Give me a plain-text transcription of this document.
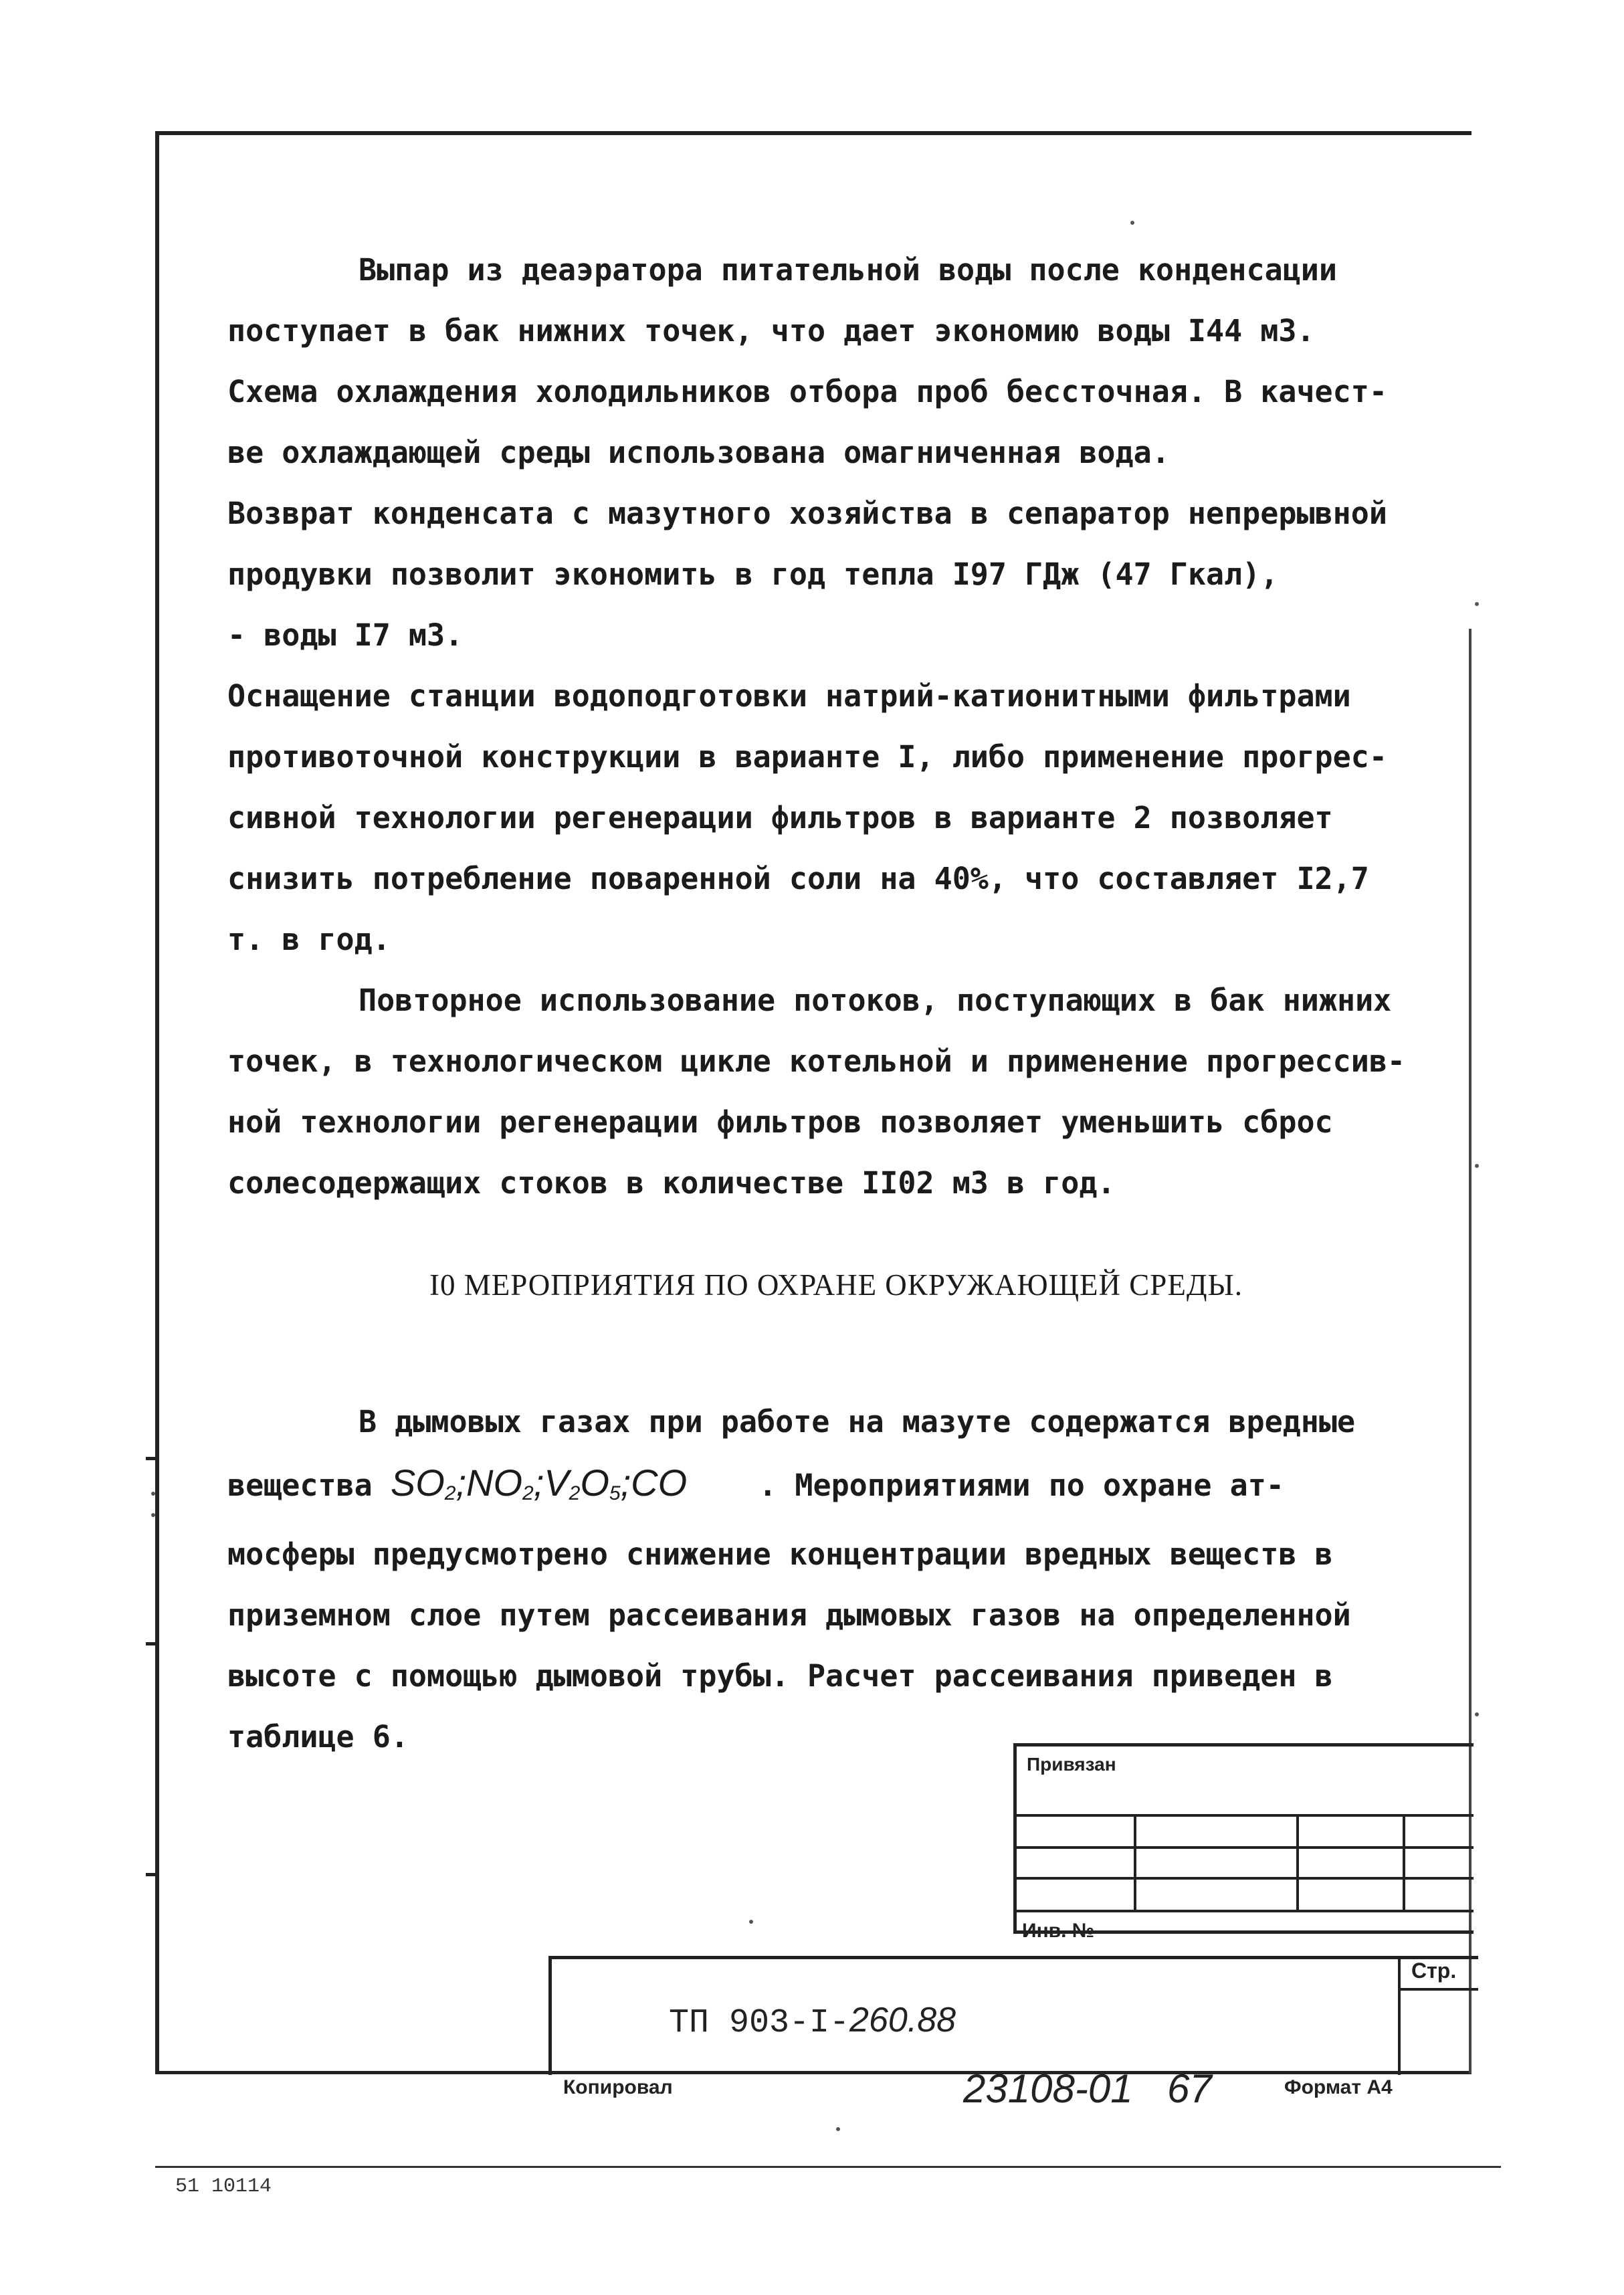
Выпар из деаэратора питательной воды после конденсации
поступает в бак нижних точек, что дает экономию воды I44 м3.
Схема охлаждения холодильников отбора проб бессточная. В качест-
ве охлаждающей среды использована омагниченная вода.
Возврат конденсата с мазутного хозяйства в сепаратор непрерывной
продувки позволит экономить в год тепла I97 ГДж (47 Гкал),
- воды I7 м3.
Оснащение станции водоподготовки натрий-катионитными фильтрами
противоточной конструкции в варианте I, либо применение прогрес-
сивной технологии регенерации фильтров в варианте 2 позволяет
снизить потребление поваренной соли на 40%, что составляет I2,7
т. в год.
Повторное использование потоков, поступающих в бак нижних
точек, в технологическом цикле котельной и применение прогрессив-
ной технологии регенерации фильтров позволяет уменьшить сброс
солесодержащих стоков в количестве II02 м3 в год.
I0 МЕРОПРИЯТИЯ ПО ОХРАНЕ ОКРУЖАЮЩЕЙ СРЕДЫ.
В дымовых газах при работе на мазуте содержатся вредные
вещества $SO_2;NO_2;V_2O_5;CO$ . Мероприятиями по охране ат-
мосферы предусмотрено снижение концентрации вредных веществ в
приземном слое путем рассеивания дымовых газов на определенной
высоте с помощью дымовой трубы. Расчет рассеивания приведен в
таблице 6.
Привязан
Инв. №
Стр.
ТП 903-I-260.88
Копировал	23108-01 67	Формат А4
51 10114
